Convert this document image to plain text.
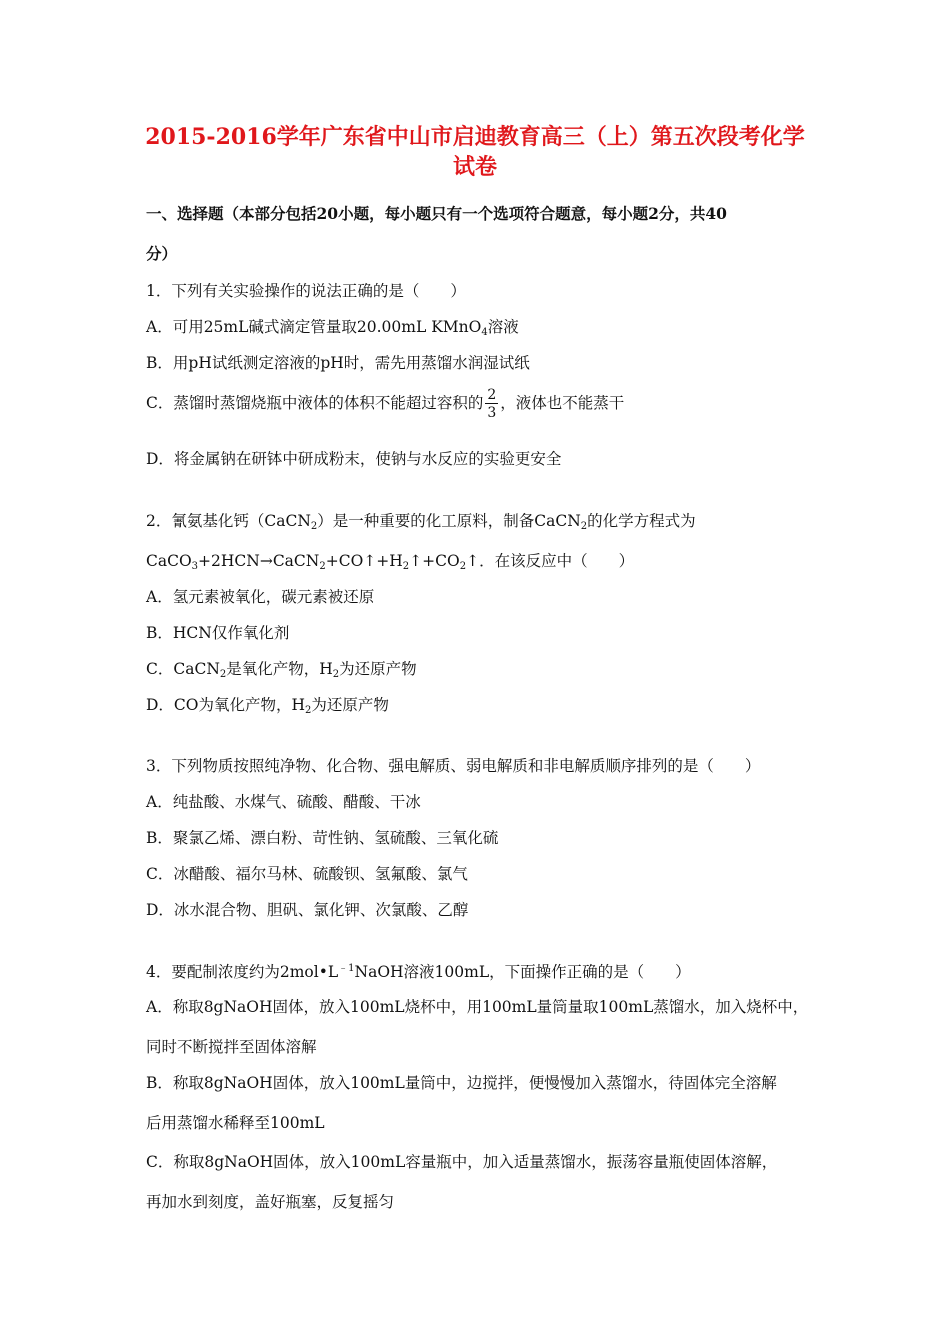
2015-2016学年广东省中山市启迪教育高三（上）第五次段考化学
试卷
一、选择题（本部分包括20小题，每小题只有一个选项符合题意，每小题2分，共40
分）
1．下列有关实验操作的说法正确的是（　　）
A．可用25mL碱式滴定管量取20.00mL KMnO$_4$溶液
B．用pH试纸测定溶液的pH时，需先用蒸馏水润湿试纸
C．蒸馏时蒸馏烧瓶中液体的体积不能超过容积的 $\frac{2}{3}$ ，液体也不能蒸干
D．将金属钠在研钵中研成粉末，使钠与水反应的实验更安全
2．氰氨基化钙（CaCN$_2$）是一种重要的化工原料，制备CaCN$_2$的化学方程式为
$CaCO_3+2HCN\to CaCN_2+CO↑+H_2↑+CO_2↑$．在该反应中（　　）
A．氢元素被氧化，碳元素被还原
B．HCN仅作氧化剂
C．CaCN$_2$是氧化产物，$H_2$为还原产物
D．CO为氧化产物，$H_2$为还原产物
3．下列物质按照纯净物、化合物、强电解质、弱电解质和非电解质顺序排列的是（　　）
A．纯盐酸、水煤气、硫酸、醋酸、干冰
B．聚氯乙烯、漂白粉、苛性钠、氢硫酸、三氧化硫
C．冰醋酸、福尔马林、硫酸钡、氢氟酸、氯气
D．冰水混合物、胆矾、氯化钾、次氯酸、乙醇
4．要配制浓度约为$2mol•L^{﹣1}NaOH$溶液100mL，下面操作正确的是（　　）
A．称取8gNaOH固体，放入100mL烧杯中，用100mL量筒量取100mL蒸馏水，加入烧杯中，
同时不断搅拌至固体溶解
B．称取8gNaOH固体，放入100mL量筒中，边搅拌，便慢慢加入蒸馏水，待固体完全溶解
后用蒸馏水稀释至100mL
C．称取8gNaOH固体，放入100mL容量瓶中，加入适量蒸馏水，振荡容量瓶使固体溶解，
再加水到刻度，盖好瓶塞，反复摇匀
